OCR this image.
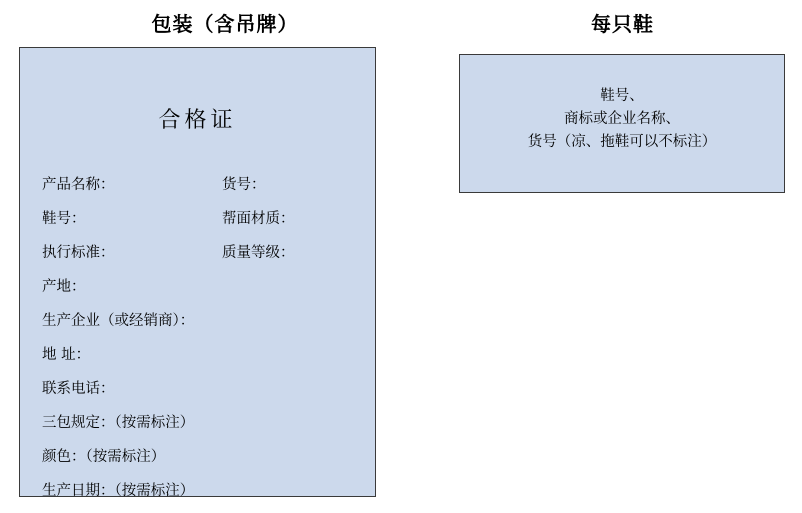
包装（含吊牌）
合格证
产品名称：	货号：
鞋号：	帮面材质：
执行标准：	质量等级：
产地：
生产企业（或经销商）：
地 址：
联系电话：
三包规定：（按需标注）
颜色：（按需标注）
生产日期：（按需标注）
每只鞋
鞋号、
商标或企业名称、
货号（凉、拖鞋可以不标注）
